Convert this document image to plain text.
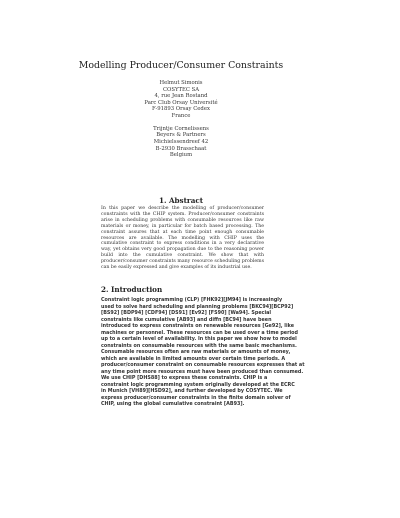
Modelling Producer/Consumer Constraints
Helmut Simonis
COSYTEC SA
4, rue Jean Rostand
Parc Club Orsay Université
F-91893 Orsay Cedex
France
Trijntje Cornelissens
Beyers & Partners
Michielssendreef 42
B-2930 Brasschaat
Belgium
1. Abstract
In this paper we describe the modelling of producer/consumer
constraints with the CHIP system. Producer/consumer constraints
arise in scheduling problems with consumable resources like raw
materials or money, in particular for batch based processing. The
constraint assures that at each time point enough consumable
resources are available. The modelling with CHIP uses the
cumulative constraint to express conditions in a very declarative
way, yet obtains very good propagation due to the reasoning power
build into the cumulative constraint. We show that with
producer/consumer constraints many resource scheduling problems
can be easily expressed and give examples of its industrial use.
2. Introduction
Constraint logic programming (CLP) [FHK92][JM94] is increasingly
used to solve hard scheduling and planning problems [BKC94][BCP92]
[BS92] [BDP94] [CDF94] [DS91] [Ev92] [FS90] [Wa94]. Special
constraints like cumulative [AB93] and diffn [BC94] have been
introduced to express constraints on renewable resources [Ge92], like
machines or personnel. These resources can be used over a time period
up to a certain level of availability. In this paper we show how to model
constraints on consumable resources with the same basic mechanisms.
Consumable resources often are raw materials or amounts of money,
which are available in limited amounts over certain time periods. A
producer/consumer constraint on consumable resources expresses that at
any time point more resources must have been produced than consumed.
We use CHIP [DHS88] to express these constraints. CHIP is a
constraint logic programming system originally developed at the ECRC
in Munich [VH89][HSD92], and further developed by COSYTEC. We
express producer/consumer constraints in the finite domain solver of
CHIP, using the global cumulative constraint [AB93].
